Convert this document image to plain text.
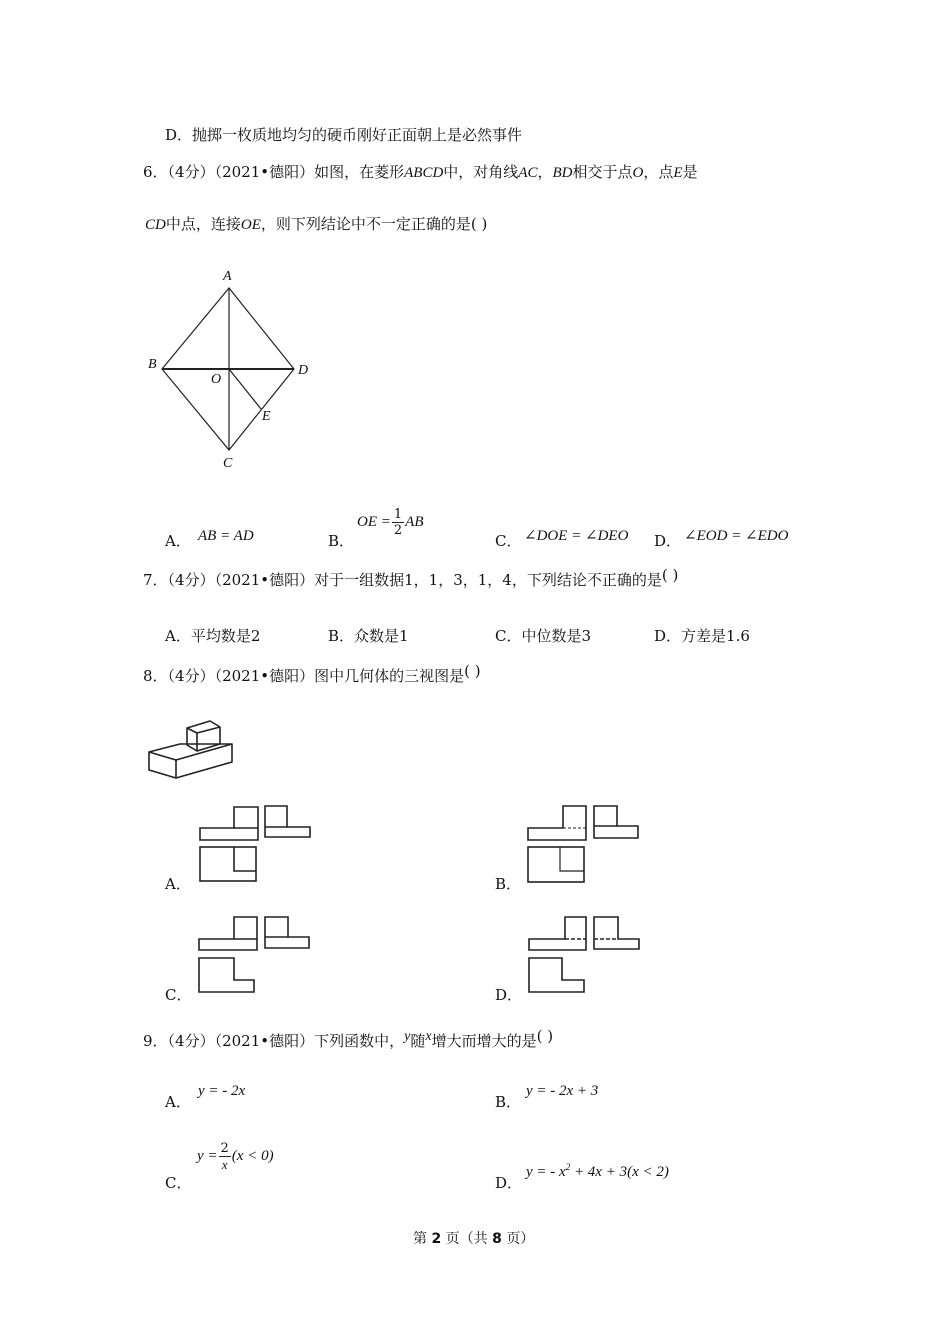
D．抛掷一枚质地均匀的硬币刚好正面朝上是必然事件
6．（4分）（2021•德阳）如图，在菱形ABCD中，对角线AC，BD相交于点O，点E是
CD中点，连接OE，则下列结论中不一定正确的是( )
A
B
O
D
E
C
A． AB = AD	B．
OE = $\frac{1}{2}$ AB
C． ∠DOE = ∠DEO D． ∠EOD = ∠EDO
7．（4分）（2021•德阳）对于一组数据1，1，3，1，4，下列结论不正确的是( )
A．平均数是2	B．众数是1	C．中位数是3	D．方差是1.6
8．（4分）（2021•德阳）图中几何体的三视图是( )
A．	B．
C．	D．
9．（4分）（2021•德阳）下列函数中，y随x增大而增大的是( )
A．
y = - 2x
B．
y = - 2x + 3
C．
$y = \frac{2}{x} (x < 0)$
D．
y = - $x^2 + 4x + 3(x < 2)$
第 2 页（共 8 页）
